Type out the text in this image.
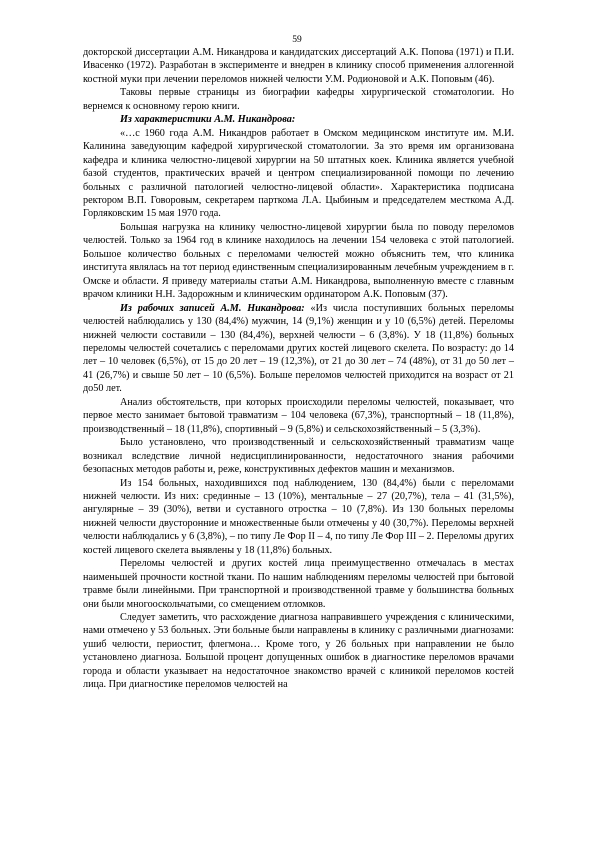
59

докторской диссертации А.М. Никандрова и кандидатских диссертаций А.К. Попова (1971) и П.И. Ивасенко (1972). Разработан в эксперименте и внедрен в клинику способ применения аллогенной костной муки при лечении переломов нижней челюсти У.М. Родионовой и А.К. Поповым (46).

Таковы первые страницы из биографии кафедры хирургической стоматологии. Но вернемся к основному герою книги.

Из характеристики А.М. Никандрова:

«…с 1960 года А.М. Никандров работает в Омском медицинском институте им. М.И. Калинина заведующим кафедрой хирургической стоматологии. За это время им организована кафедра и клиника челюстно-лицевой хирургии на 50 штатных коек. Клиника является учебной базой студентов, практических врачей и центром специализированной помощи по лечению больных с различной патологией челюстно-лицевой области». Характеристика подписана ректором В.П. Говоровым, секретарем парткома Л.А. Цыбиным и председателем месткома А.Д. Горляковским 15 мая 1970 года.

Большая нагрузка на клинику челюстно-лицевой хирургии была по поводу переломов челюстей. Только за 1964 год в клинике находилось на лечении 154 человека с этой патологией. Большое количество больных с переломами челюстей можно объяснить тем, что клиника института являлась на тот период единственным специализированным лечебным учреждением в г. Омске и области. Я приведу материалы статьи А.М. Никандрова, выполненную вместе с главным врачом клиники Н.Н. Задорожным и клиническим ординатором А.К. Поповым (37).

Из рабочих записей А.М. Никандрова: «Из числа поступивших больных переломы челюстей наблюдались у 130 (84,4%) мужчин, 14 (9,1%) женщин и у 10 (6,5%) детей. Переломы нижней челюсти составили – 130 (84,4%), верхней челюсти – 6 (3,8%). У 18 (11,8%) больных переломы челюстей сочетались с переломами других костей лицевого скелета. По возрасту: до 14 лет – 10 человек (6,5%), от 15 до 20 лет – 19 (12,3%), от 21 до 30 лет – 74 (48%), от 31 до 50 лет – 41 (26,7%) и свыше 50 лет – 10 (6,5%). Больше переломов челюстей приходится на возраст от 21 до50 лет.

Анализ обстоятельств, при которых происходили переломы челюстей, показывает, что первое место занимает бытовой травматизм – 104 человека (67,3%), транспортный – 18 (11,8%), производственный – 18 (11,8%), спортивный – 9 (5,8%) и сельскохозяйственный – 5 (3,3%).

Было установлено, что производственный и сельскохозяйственный травматизм чаще возникал вследствие личной недисциплинированности, недостаточного знания рабочими безопасных методов работы и, реже, конструктивных дефектов машин и механизмов.

Из 154 больных, находившихся под наблюдением, 130 (84,4%) были с переломами нижней челюсти. Из них: срединные – 13 (10%), ментальные – 27 (20,7%), тела – 41 (31,5%), ангулярные – 39 (30%), ветви и суставного отростка – 10 (7,8%). Из 130 больных переломы нижней челюсти двусторонние и множественные были отмечены у 40 (30,7%). Переломы верхней челюсти наблюдались у 6 (3,8%), – по типу Ле Фор II – 4, по типу Ле Фор III – 2. Переломы других костей лицевого скелета выявлены у 18 (11,8%) больных.

Переломы челюстей и других костей лица преимущественно отмечалась в местах наименьшей прочности костной ткани. По нашим наблюдениям переломы челюстей при бытовой травме были линейными. При транспортной и производственной травме у большинства больных они были многооскольчатыми, со смещением отломков.

Следует заметить, что расхождение диагноза направившего учреждения с клиническими, нами отмечено у 53 больных. Эти больные были направлены в клинику с различными диагнозами: ушиб челюсти, периостит, флегмона… Кроме того, у 26 больных при направлении не было установлено диагноза. Большой процент допущенных ошибок в диагностике переломов врачами города и области указывает на недостаточное знакомство врачей с клиникой переломов костей лица. При диагностике переломов челюстей на
